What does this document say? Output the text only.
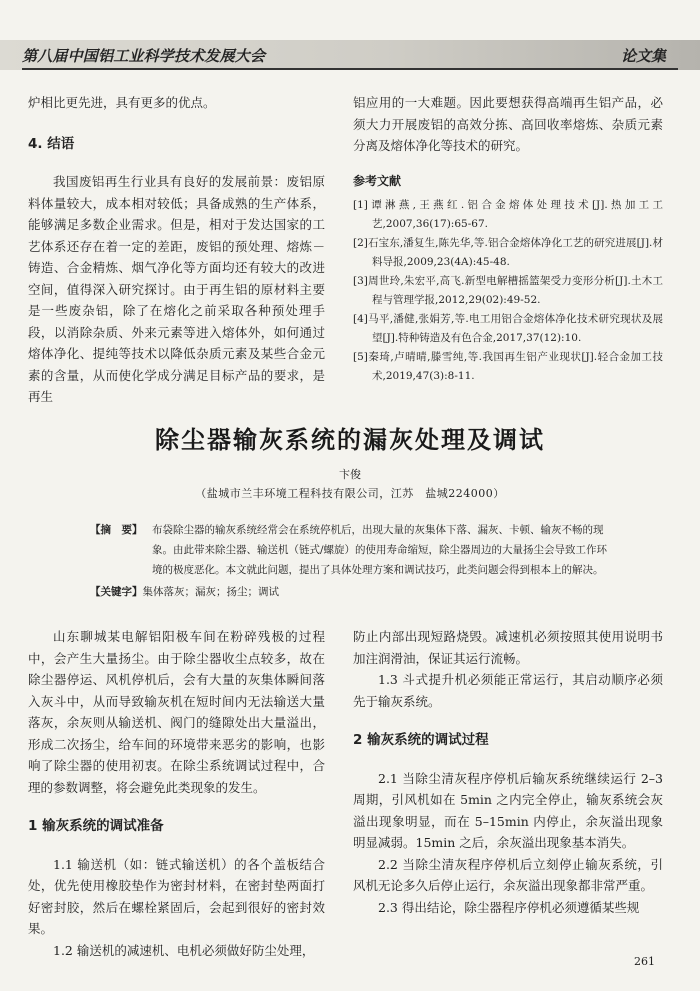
第八届中国铝工业科学技术发展大会	论文集

炉相比更先进，具有更多的优点。

4. 结语

我国废铝再生行业具有良好的发展前景：废铝原料体量较大，成本相对较低；具备成熟的生产体系，能够满足多数企业需求。但是，相对于发达国家的工艺体系还存在着一定的差距，废铝的预处理、熔炼－铸造、合金精炼、烟气净化等方面均还有较大的改进空间，值得深入研究探讨。由于再生铝的原材料主要是一些废杂铝，除了在熔化之前采取各种预处理手段，以消除杂质、外来元素等进入熔体外，如何通过熔体净化、提纯等技术以降低杂质元素及某些合金元素的含量，从而使化学成分满足目标产品的要求，是再生

铝应用的一大难题。因此要想获得高端再生铝产品，必须大力开展废铝的高效分拣、高回收率熔炼、杂质元素分离及熔体净化等技术的研究。

参考文献

[1]谭淋燕,王燕红.铝合金熔体处理技术[J].热加工工艺,2007,36(17):65-67.

[2]石宝东,潘复生,陈先华,等.铝合金熔体净化工艺的研究进展[J].材料导报,2009,23(4A):45-48.

[3]周世玲,朱宏平,高飞.新型电解槽摇篮架受力变形分析[J].土木工程与管理学报,2012,29(02):49-52.

[4]马平,潘健,张娟芳,等.电工用铝合金熔体净化技术研究现状及展望[J].特种铸造及有色合金,2017,37(12):10.

[5]秦琦,卢晴晴,滕雪纯,等.我国再生铝产业现状[J].轻合金加工技术,2019,47(3):8-11.

除尘器输灰系统的漏灰处理及调试
卞俊
（盐城市兰丰环境工程科技有限公司，江苏　盐城224000）
【摘　要】 布袋除尘器的输灰系统经常会在系统停机后，出现大量的灰集体下落、漏灰、卡顿、输灰不畅的现象。由此带来除尘器、输送机（链式/螺旋）的使用寿命缩短，除尘器周边的大量扬尘会导致工作环境的极度恶化。本文就此问题，提出了具体处理方案和调试技巧，此类问题会得到根本上的解决。
【关键字】 集体落灰；漏灰；扬尘；调试

山东聊城某电解铝阳极车间在粉碎残极的过程中，会产生大量扬尘。由于除尘器收尘点较多，故在除尘器停运、风机停机后，会有大量的灰集体瞬间落入灰斗中，从而导致输灰机在短时间内无法输送大量落灰，余灰则从输送机、阀门的缝隙处出大量溢出，形成二次扬尘，给车间的环境带来恶劣的影响，也影响了除尘器的使用初衷。在除尘系统调试过程中，合理的参数调整，将会避免此类现象的发生。

1 输灰系统的调试准备

1.1 输送机（如：链式输送机）的各个盖板结合处，优先使用橡胶垫作为密封材料，在密封垫两面打好密封胶，然后在螺栓紧固后，会起到很好的密封效果。

1.2 输送机的减速机、电机必须做好防尘处理，

防止内部出现短路烧毁。减速机必须按照其使用说明书加注润滑油，保证其运行流畅。

1.3 斗式提升机必须能正常运行，其启动顺序必须先于输灰系统。

2 输灰系统的调试过程

2.1 当除尘清灰程序停机后输灰系统继续运行 2–3 周期，引风机如在 5min 之内完全停止，输灰系统会灰溢出现象明显，而在 5–15min 内停止，余灰溢出现象明显减弱。15min 之后，余灰溢出现象基本消失。

2.2 当除尘清灰程序停机后立刻停止输灰系统，引风机无论多久后停止运行，余灰溢出现象都非常严重。

2.3 得出结论，除尘器程序停机必须遵循某些规

261
